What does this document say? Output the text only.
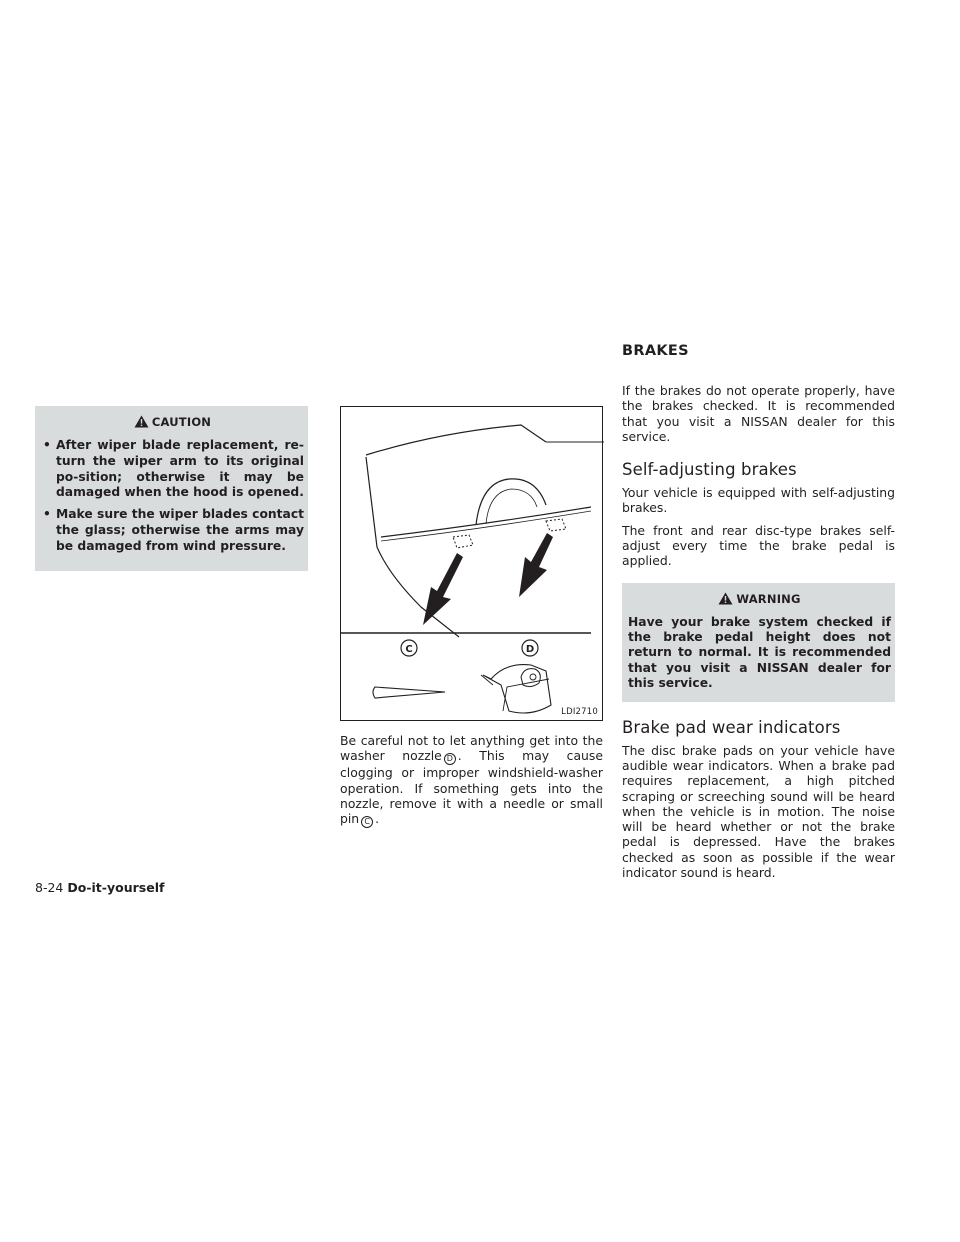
CAUTION
• After wiper blade replacement, re-turn the wiper arm to its original po-sition; otherwise it may be damaged when the hood is opened.
• Make sure the wiper blades contact the glass; otherwise the arms may be damaged from wind pressure.
C	D
LDI2710

Be careful not to let anything get into the washer nozzle D . This may cause clogging or improper windshield-washer operation. If something gets into the nozzle, remove it with a needle or small pin C .

BRAKES

If the brakes do not operate properly, have the brakes checked. It is recommended that you visit a NISSAN dealer for this service.

Self-adjusting brakes

Your vehicle is equipped with self-adjusting brakes.

The front and rear disc-type brakes self-adjust every time the brake pedal is applied.

WARNING

Have your brake system checked if the brake pedal height does not return to normal. It is recommended that you visit a NISSAN dealer for this service.

Brake pad wear indicators

The disc brake pads on your vehicle have audible wear indicators. When a brake pad requires replacement, a high pitched scraping or screeching sound will be heard when the vehicle is in motion. The noise will be heard whether or not the brake pedal is depressed. Have the brakes checked as soon as possible if the wear indicator sound is heard.

8-24 Do-it-yourself
